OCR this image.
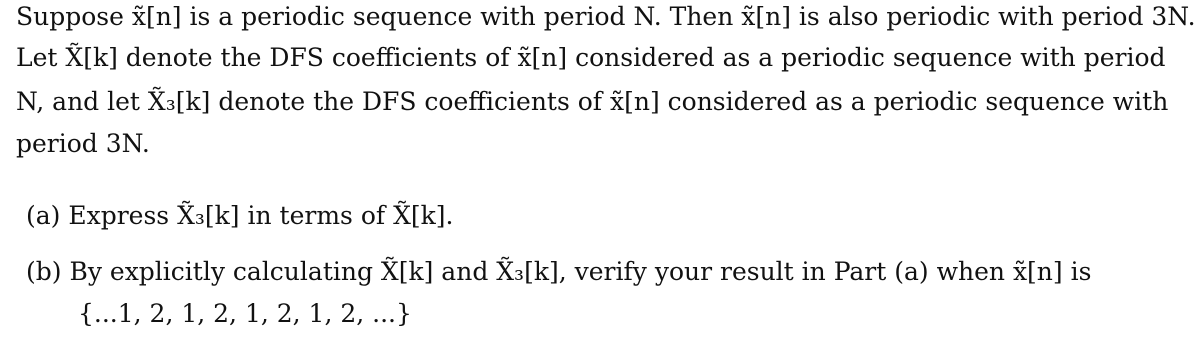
Suppose x̃[n] is a periodic sequence with period N. Then x̃[n] is also periodic with period 3N.
Let X̃[k] denote the DFS coefficients of x̃[n] considered as a periodic sequence with period
N, and let X̃₃[k] denote the DFS coefficients of x̃[n] considered as a periodic sequence with
period 3N.
(a) Express X̃₃[k] in terms of X̃[k].
(b) By explicitly calculating X̃[k] and X̃₃[k], verify your result in Part (a) when x̃[n] is
{...1, 2, 1, 2, 1, 2, 1, 2, ...}
